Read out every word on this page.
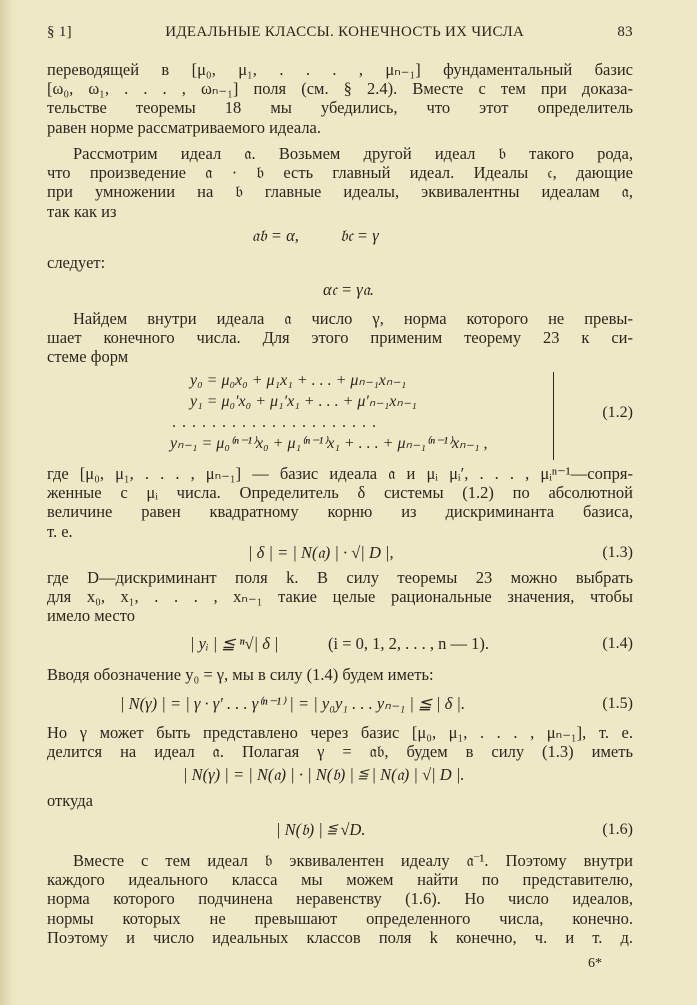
§ 1]	ИДЕАЛЬНЫЕ КЛАССЫ. КОНЕЧНОСТЬ ИХ ЧИСЛА	83
переводящей в [μ₀, μ₁, . . . , μₙ₋₁] фундаментальный базис
[ω₀, ω₁, . . . , ωₙ₋₁] поля (см. § 2.4). Вместе с тем при доказа-
тельстве теоремы 18 мы убедились, что этот определитель
равен норме рассматриваемого идеала.
Рассмотрим идеал 𝔞. Возьмем другой идеал 𝔟 такого рода,
что произведение 𝔞 · 𝔟 есть главный идеал. Идеалы 𝔠, дающие
при умножении на 𝔟 главные идеалы, эквивалентны идеалам 𝔞,
так как из
𝔞𝔟 = α,          𝔟𝔠 = γ
следует:
α𝔠 = γ𝔞.
Найдем внутри идеала 𝔞 число γ, норма которого не превы-
шает конечного числа. Для этого применим теорему 23 к си-
стеме форм
y₀ = μ₀x₀ + μ₁x₁ + . . . + μₙ₋₁xₙ₋₁
y₁ = μ₀′x₀ + μ₁′x₁ + . . . + μ′ₙ₋₁xₙ₋₁
. . . . . . . . . . . . . . . . . . . . .
yₙ₋₁ = μ₀⁽ⁿ⁻¹⁾x₀ + μ₁⁽ⁿ⁻¹⁾x₁ + . . . + μₙ₋₁⁽ⁿ⁻¹⁾xₙ₋₁ ,
(1.2)
где [μ₀, μ₁, . . . , μₙ₋₁] — базис идеала 𝔞 и μᵢ μᵢ′, . . . , μᵢⁿ⁻¹—сопря-
женные с μᵢ числа. Определитель δ системы (1.2) по абсолютной
величине равен квадратному корню из дискриминанта базиса,
т. е.
| δ | = | N(𝔞) | · √| D |,	(1.3)
где D—дискриминант поля k. В силу теоремы 23 можно выбрать
для x₀, x₁, . . . , xₙ₋₁ такие целые рациональные значения, чтобы
имело место
| yᵢ | ≦ ⁿ√| δ |	(i = 0, 1, 2, . . . , n — 1).	(1.4)
Вводя обозначение y₀ = γ, мы в силу (1.4) будем иметь:
| N(γ) | = | γ · γ′ . . . γ⁽ⁿ⁻¹⁾ | = | y₀y₁ . . . yₙ₋₁ | ≦ | δ |.	(1.5)
Но γ может быть представлено через базис [μ₀, μ₁, . . . , μₙ₋₁], т. е.
делится на идеал 𝔞. Полагая γ = 𝔞𝔟, будем в силу (1.3) иметь
| N(γ) | = | N(𝔞) | · | N(𝔟) | ≦ | N(𝔞) | √| D |.
откуда
| N(𝔟) | ≦ √D.	(1.6)
Вместе с тем идеал 𝔟 эквивалентен идеалу 𝔞⁻¹. Поэтому внутри
каждого идеального класса мы можем найти по представителю,
норма которого подчинена неравенству (1.6). Но число идеалов,
нормы которых не превышают определенного числа, конечно.
Поэтому и число идеальных классов поля k конечно, ч. и т. д.
6*
